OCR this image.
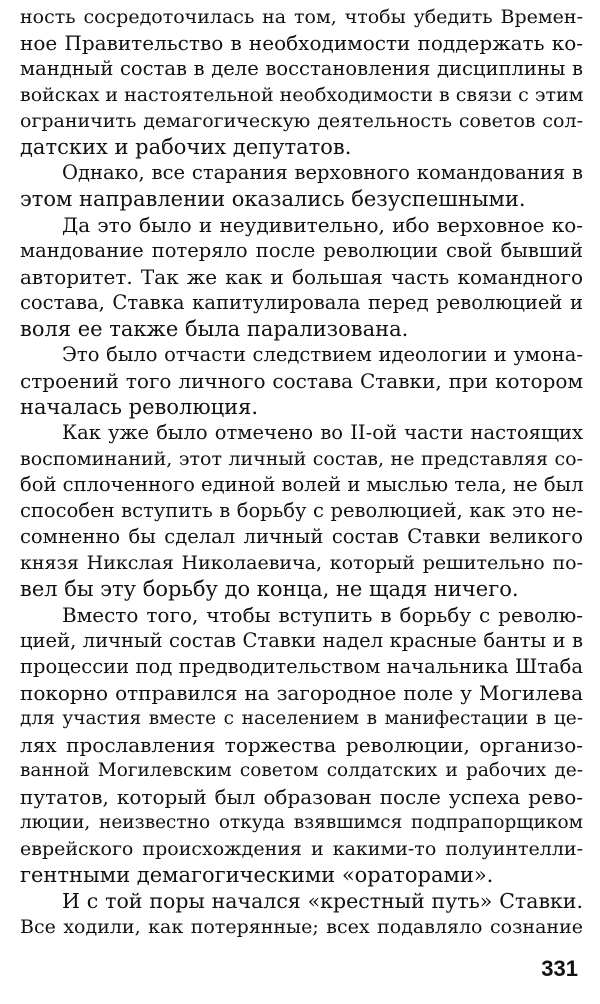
ность сосредоточилась на том, чтобы убедить Времен-
ное Правительство в необходимости поддержать ко-
мандный состав в деле восстановления дисциплины в
войсках и настоятельной необходимости в связи с этим
ограничить демагогическую деятельность советов сол-
датских и рабочих депутатов.
Однако, все старания верховного командования в
этом направлении оказались безуспешными.
Да это было и неудивительно, ибо верховное ко-
мандование потеряло после революции свой бывший
авторитет. Так же как и большая часть командного
состава, Ставка капитулировала перед революцией и
воля ее также была парализована.
Это было отчасти следствием идеологии и умона-
строений того личного состава Ставки, при котором
началась революция.
Как уже было отмечено во II-ой части настоящих
воспоминаний, этот личный состав, не представляя со-
бой сплоченного единой волей и мыслью тела, не был
способен вступить в борьбу с революцией, как это не-
сомненно бы сделал личный состав Ставки великого
князя Никслая Николаевича, который решительно по-
вел бы эту борьбу до конца, не щадя ничего.
Вместо того, чтобы вступить в борьбу с револю-
цией, личный состав Ставки надел красные банты и в
процессии под предводительством начальника Штаба
покорно отправился на загородное поле у Могилева
для участия вместе с населением в манифестации в це-
лях прославления торжества революции, организо-
ванной Могилевским советом солдатских и рабочих де-
путатов, который был образован после успеха рево-
люции, неизвестно откуда взявшимся подпрапорщиком
еврейского происхождения и какими-то полуинтелли-
гентными демагогическими «ораторами».
И с той поры начался «крестный путь» Ставки.
Все ходили, как потерянные; всех подавляло сознание
331
